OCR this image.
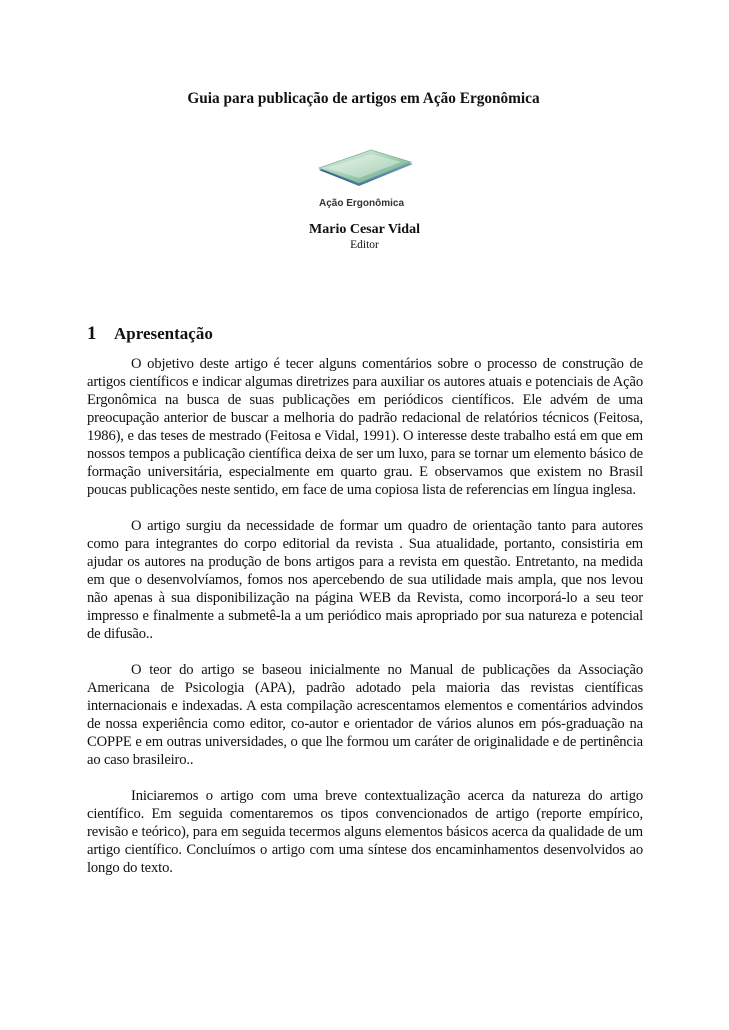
Guia para publicação de artigos em Ação Ergonômica
Ação Ergonômica
Mario Cesar Vidal
Editor
1 Apresentação

O objetivo deste artigo é tecer alguns comentários sobre o processo de construção de artigos científicos e indicar algumas diretrizes para auxiliar os autores atuais e potenciais de Ação Ergonômica na busca de suas publicações em periódicos científicos. Ele advém de uma preocupação anterior de buscar a melhoria do padrão redacional de relatórios técnicos (Feitosa, 1986), e das teses de mestrado (Feitosa e Vidal, 1991). O interesse deste trabalho está em que em nossos tempos a publicação científica deixa de ser um luxo, para se tornar um elemento básico de formação universitária, especialmente em quarto grau. E observamos que existem no Brasil poucas publicações neste sentido, em face de uma copiosa lista de referencias em língua inglesa.

O artigo surgiu da necessidade de formar um quadro de orientação tanto para autores como para integrantes do corpo editorial da revista . Sua atualidade, portanto, consistiria em ajudar os autores na produção de bons artigos para a revista em questão. Entretanto, na medida em que o desenvolvíamos, fomos nos apercebendo de sua utilidade mais ampla, que nos levou não apenas à sua disponibilização na página WEB da Revista, como incorporá-lo a seu teor impresso e finalmente a submetê-la a um periódico mais apropriado por sua natureza e potencial de difusão..

O teor do artigo se baseou inicialmente no Manual de publicações da Associação Americana de Psicologia (APA), padrão adotado pela maioria das revistas científicas internacionais e indexadas. A esta compilação acrescentamos elementos e comentários advindos de nossa experiência como editor, co-autor e orientador de vários alunos em pós-graduação na COPPE e em outras universidades, o que lhe formou um caráter de originalidade e de pertinência ao caso brasileiro..

Iniciaremos o artigo com uma breve contextualização acerca da natureza do artigo científico. Em seguida comentaremos os tipos convencionados de artigo (reporte empírico, revisão e teórico), para em seguida tecermos alguns elementos básicos acerca da qualidade de um artigo científico. Concluímos o artigo com uma síntese dos encaminhamentos desenvolvidos ao longo do texto.
